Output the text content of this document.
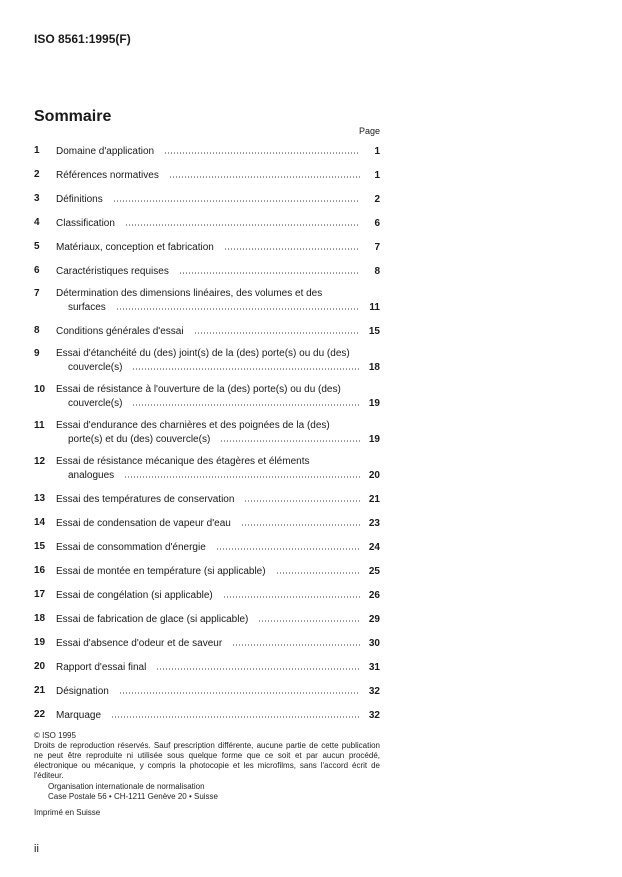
ISO 8561:1995(F)
Sommaire
Page
1	Domaine d'application	1
2	Références normatives	1
3	Définitions	2
4	Classification	6
5	Matériaux, conception et fabrication	7
6	Caractéristiques requises	8
7	Détermination des dimensions linéaires, des volumes et des
surfaces	11
8	Conditions générales d'essai	15
9	Essai d'étanchéité du (des) joint(s) de la (des) porte(s) ou du (des)
couvercle(s)	18
10	Essai de résistance à l'ouverture de la (des) porte(s) ou du (des)
couvercle(s)	19
11	Essai d'endurance des charnières et des poignées de la (des)
porte(s) et du (des) couvercle(s)	19
12	Essai de résistance mécanique des étagères et éléments
analogues	20
13	Essai des températures de conservation	21
14	Essai de condensation de vapeur d'eau	23
15	Essai de consommation d'énergie	24
16	Essai de montée en température (si applicable)	25
17	Essai de congélation (si applicable)	26
18	Essai de fabrication de glace (si applicable)	29
19	Essai d'absence d'odeur et de saveur	30
20	Rapport d'essai final	31
21	Désignation	32
22	Marquage	32
© ISO 1995
Droits de reproduction réservés. Sauf prescription différente, aucune partie de cette publication ne peut être reproduite ni utilisée sous quelque forme que ce soit et par aucun procédé, électronique ou mécanique, y compris la photocopie et les microfilms, sans l'accord écrit de l'éditeur.
Organisation internationale de normalisation
Case Postale 56 • CH-1211 Genève 20 • Suisse
Imprimé en Suisse
ii
